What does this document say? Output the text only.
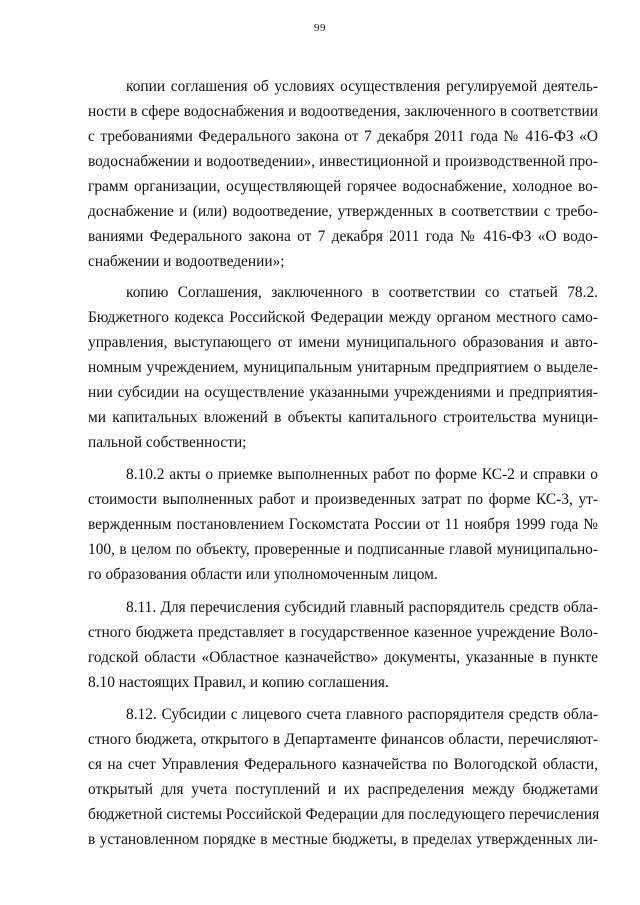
99
копии соглашения об условиях осуществления регулируемой деятель-
ности в сфере водоснабжения и водоотведения, заключенного в соответствии
с требованиями Федерального закона от 7 декабря 2011 года № 416-ФЗ «О
водоснабжении и водоотведении», инвестиционной и производственной про-
грамм организации, осуществляющей горячее водоснабжение, холодное во-
доснабжение и (или) водоотведение, утвержденных в соответствии с требо-
ваниями Федерального закона от 7 декабря 2011 года № 416-ФЗ «О водо-
снабжении и водоотведении»;
копию Соглашения, заключенного в соответствии со статьей 78.2.
Бюджетного кодекса Российской Федерации между органом местного само-
управления, выступающего от имени муниципального образования и авто-
номным учреждением, муниципальным унитарным предприятием о выделе-
нии субсидии на осуществление указанными учреждениями и предприятия-
ми капитальных вложений в объекты капитального строительства муници-
пальной собственности;
8.10.2 акты о приемке выполненных работ по форме КС-2 и справки о
стоимости выполненных работ и произведенных затрат по форме КС-3, ут-
вержденным постановлением Госкомстата России от 11 ноября 1999 года №
100, в целом по объекту, проверенные и подписанные главой муниципально-
го образования области или уполномоченным лицом.
8.11. Для перечисления субсидий главный распорядитель средств обла-
стного бюджета представляет в государственное казенное учреждение Воло-
годской области «Областное казначейство» документы, указанные в пункте
8.10 настоящих Правил, и копию соглашения.
8.12. Субсидии с лицевого счета главного распорядителя средств обла-
стного бюджета, открытого в Департаменте финансов области, перечисляют-
ся на счет Управления Федерального казначейства по Вологодской области,
открытый для учета поступлений и их распределения между бюджетами
бюджетной системы Российской Федерации для последующего перечисления
в установленном порядке в местные бюджеты, в пределах утвержденных ли-
